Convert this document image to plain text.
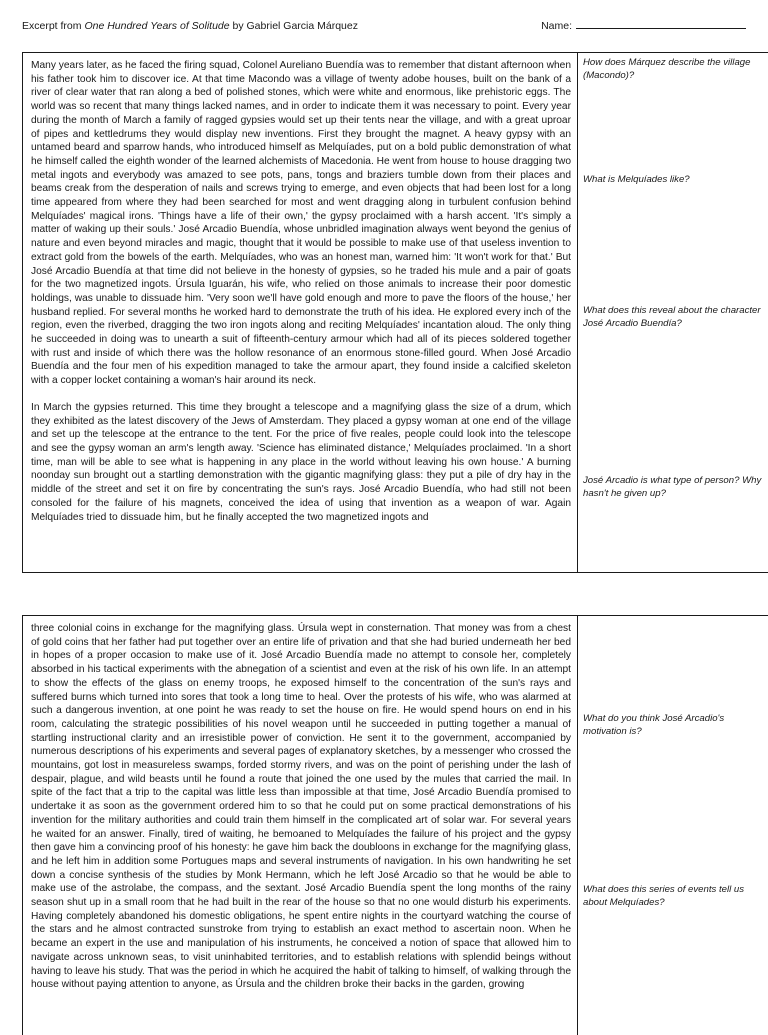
Excerpt from One Hundred Years of Solitude by Gabriel Garcia Márquez	Name:

Many years later, as he faced the firing squad, Colonel Aureliano Buendía was to remember that distant afternoon when his father took him to discover ice. At that time Macondo was a village of twenty adobe houses, built on the bank of a river of clear water that ran along a bed of polished stones, which were white and enormous, like prehistoric eggs. The world was so recent that many things lacked names, and in order to indicate them it was necessary to point. Every year during the month of March a family of ragged gypsies would set up their tents near the village, and with a great uproar of pipes and kettledrums they would display new inventions. First they brought the magnet. A heavy gypsy with an untamed beard and sparrow hands, who introduced himself as Melquíades, put on a bold public demonstration of what he himself called the eighth wonder of the learned alchemists of Macedonia. He went from house to house dragging two metal ingots and everybody was amazed to see pots, pans, tongs and braziers tumble down from their places and beams creak from the desperation of nails and screws trying to emerge, and even objects that had been lost for a long time appeared from where they had been searched for most and went dragging along in turbulent confusion behind Melquíades' magical irons. 'Things have a life of their own,' the gypsy proclaimed with a harsh accent. 'It's simply a matter of waking up their souls.' José Arcadio Buendía, whose unbridled imagination always went beyond the genius of nature and even beyond miracles and magic, thought that it would be possible to make use of that useless invention to extract gold from the bowels of the earth. Melquíades, who was an honest man, warned him: 'It won't work for that.' But José Arcadio Buendía at that time did not believe in the honesty of gypsies, so he traded his mule and a pair of goats for the two magnetized ingots. Úrsula Iguarán, his wife, who relied on those animals to increase their poor domestic holdings, was unable to dissuade him. 'Very soon we'll have gold enough and more to pave the floors of the house,' her husband replied. For several months he worked hard to demonstrate the truth of his idea. He explored every inch of the region, even the riverbed, dragging the two iron ingots along and reciting Melquíades' incantation aloud. The only thing he succeeded in doing was to unearth a suit of fifteenth-century armour which had all of its pieces soldered together with rust and inside of which there was the hollow resonance of an enormous stone-filled gourd. When José Arcadio Buendía and the four men of his expedition managed to take the armour apart, they found inside a calcified skeleton with a copper locket containing a woman's hair around its neck.

In March the gypsies returned. This time they brought a telescope and a magnifying glass the size of a drum, which they exhibited as the latest discovery of the Jews of Amsterdam. They placed a gypsy woman at one end of the village and set up the telescope at the entrance to the tent. For the price of five reales, people could look into the telescope and see the gypsy woman an arm's length away. 'Science has eliminated distance,' Melquíades proclaimed. 'In a short time, man will be able to see what is happening in any place in the world without leaving his own house.' A burning noonday sun brought out a startling demonstration with the gigantic magnifying glass: they put a pile of dry hay in the middle of the street and set it on fire by concentrating the sun's rays. José Arcadio Buendía, who had still not been consoled for the failure of his magnets, conceived the idea of using that invention as a weapon of war. Again Melquíades tried to dissuade him, but he finally accepted the two magnetized ingots and

How does Márquez describe the village (Macondo)?
What is Melquíades like?
What does this reveal about the character José Arcadio Buendía?
José Arcadio is what type of person? Why hasn't he given up?

three colonial coins in exchange for the magnifying glass. Úrsula wept in consternation. That money was from a chest of gold coins that her father had put together over an entire life of privation and that she had buried underneath her bed in hopes of a proper occasion to make use of it. José Arcadio Buendía made no attempt to console her, completely absorbed in his tactical experiments with the abnegation of a scientist and even at the risk of his own life. In an attempt to show the effects of the glass on enemy troops, he exposed himself to the concentration of the sun's rays and suffered burns which turned into sores that took a long time to heal. Over the protests of his wife, who was alarmed at such a dangerous invention, at one point he was ready to set the house on fire. He would spend hours on end in his room, calculating the strategic possibilities of his novel weapon until he succeeded in putting together a manual of startling instructional clarity and an irresistible power of conviction. He sent it to the government, accompanied by numerous descriptions of his experiments and several pages of explanatory sketches, by a messenger who crossed the mountains, got lost in measureless swamps, forded stormy rivers, and was on the point of perishing under the lash of despair, plague, and wild beasts until he found a route that joined the one used by the mules that carried the mail. In spite of the fact that a trip to the capital was little less than impossible at that time, José Arcadio Buendía promised to undertake it as soon as the government ordered him to so that he could put on some practical demonstrations of his invention for the military authorities and could train them himself in the complicated art of solar war. For several years he waited for an answer. Finally, tired of waiting, he bemoaned to Melquíades the failure of his project and the gypsy then gave him a convincing proof of his honesty: he gave him back the doubloons in exchange for the magnifying glass, and he left him in addition some Portugues maps and several instruments of navigation. In his own handwriting he set down a concise synthesis of the studies by Monk Hermann, which he left José Arcadio so that he would be able to make use of the astrolabe, the compass, and the sextant. José Arcadio Buendía spent the long months of the rainy season shut up in a small room that he had built in the rear of the house so that no one would disturb his experiments. Having completely abandoned his domestic obligations, he spent entire nights in the courtyard watching the course of the stars and he almost contracted sunstroke from trying to establish an exact method to ascertain noon. When he became an expert in the use and manipulation of his instruments, he conceived a notion of space that allowed him to navigate across unknown seas, to visit uninhabited territories, and to establish relations with splendid beings without having to leave his study. That was the period in which he acquired the habit of talking to himself, of walking through the house without paying attention to anyone, as Úrsula and the children broke their backs in the garden, growing

What do you think José Arcadio's motivation is?
What does this series of events tell us about Melquíades?
